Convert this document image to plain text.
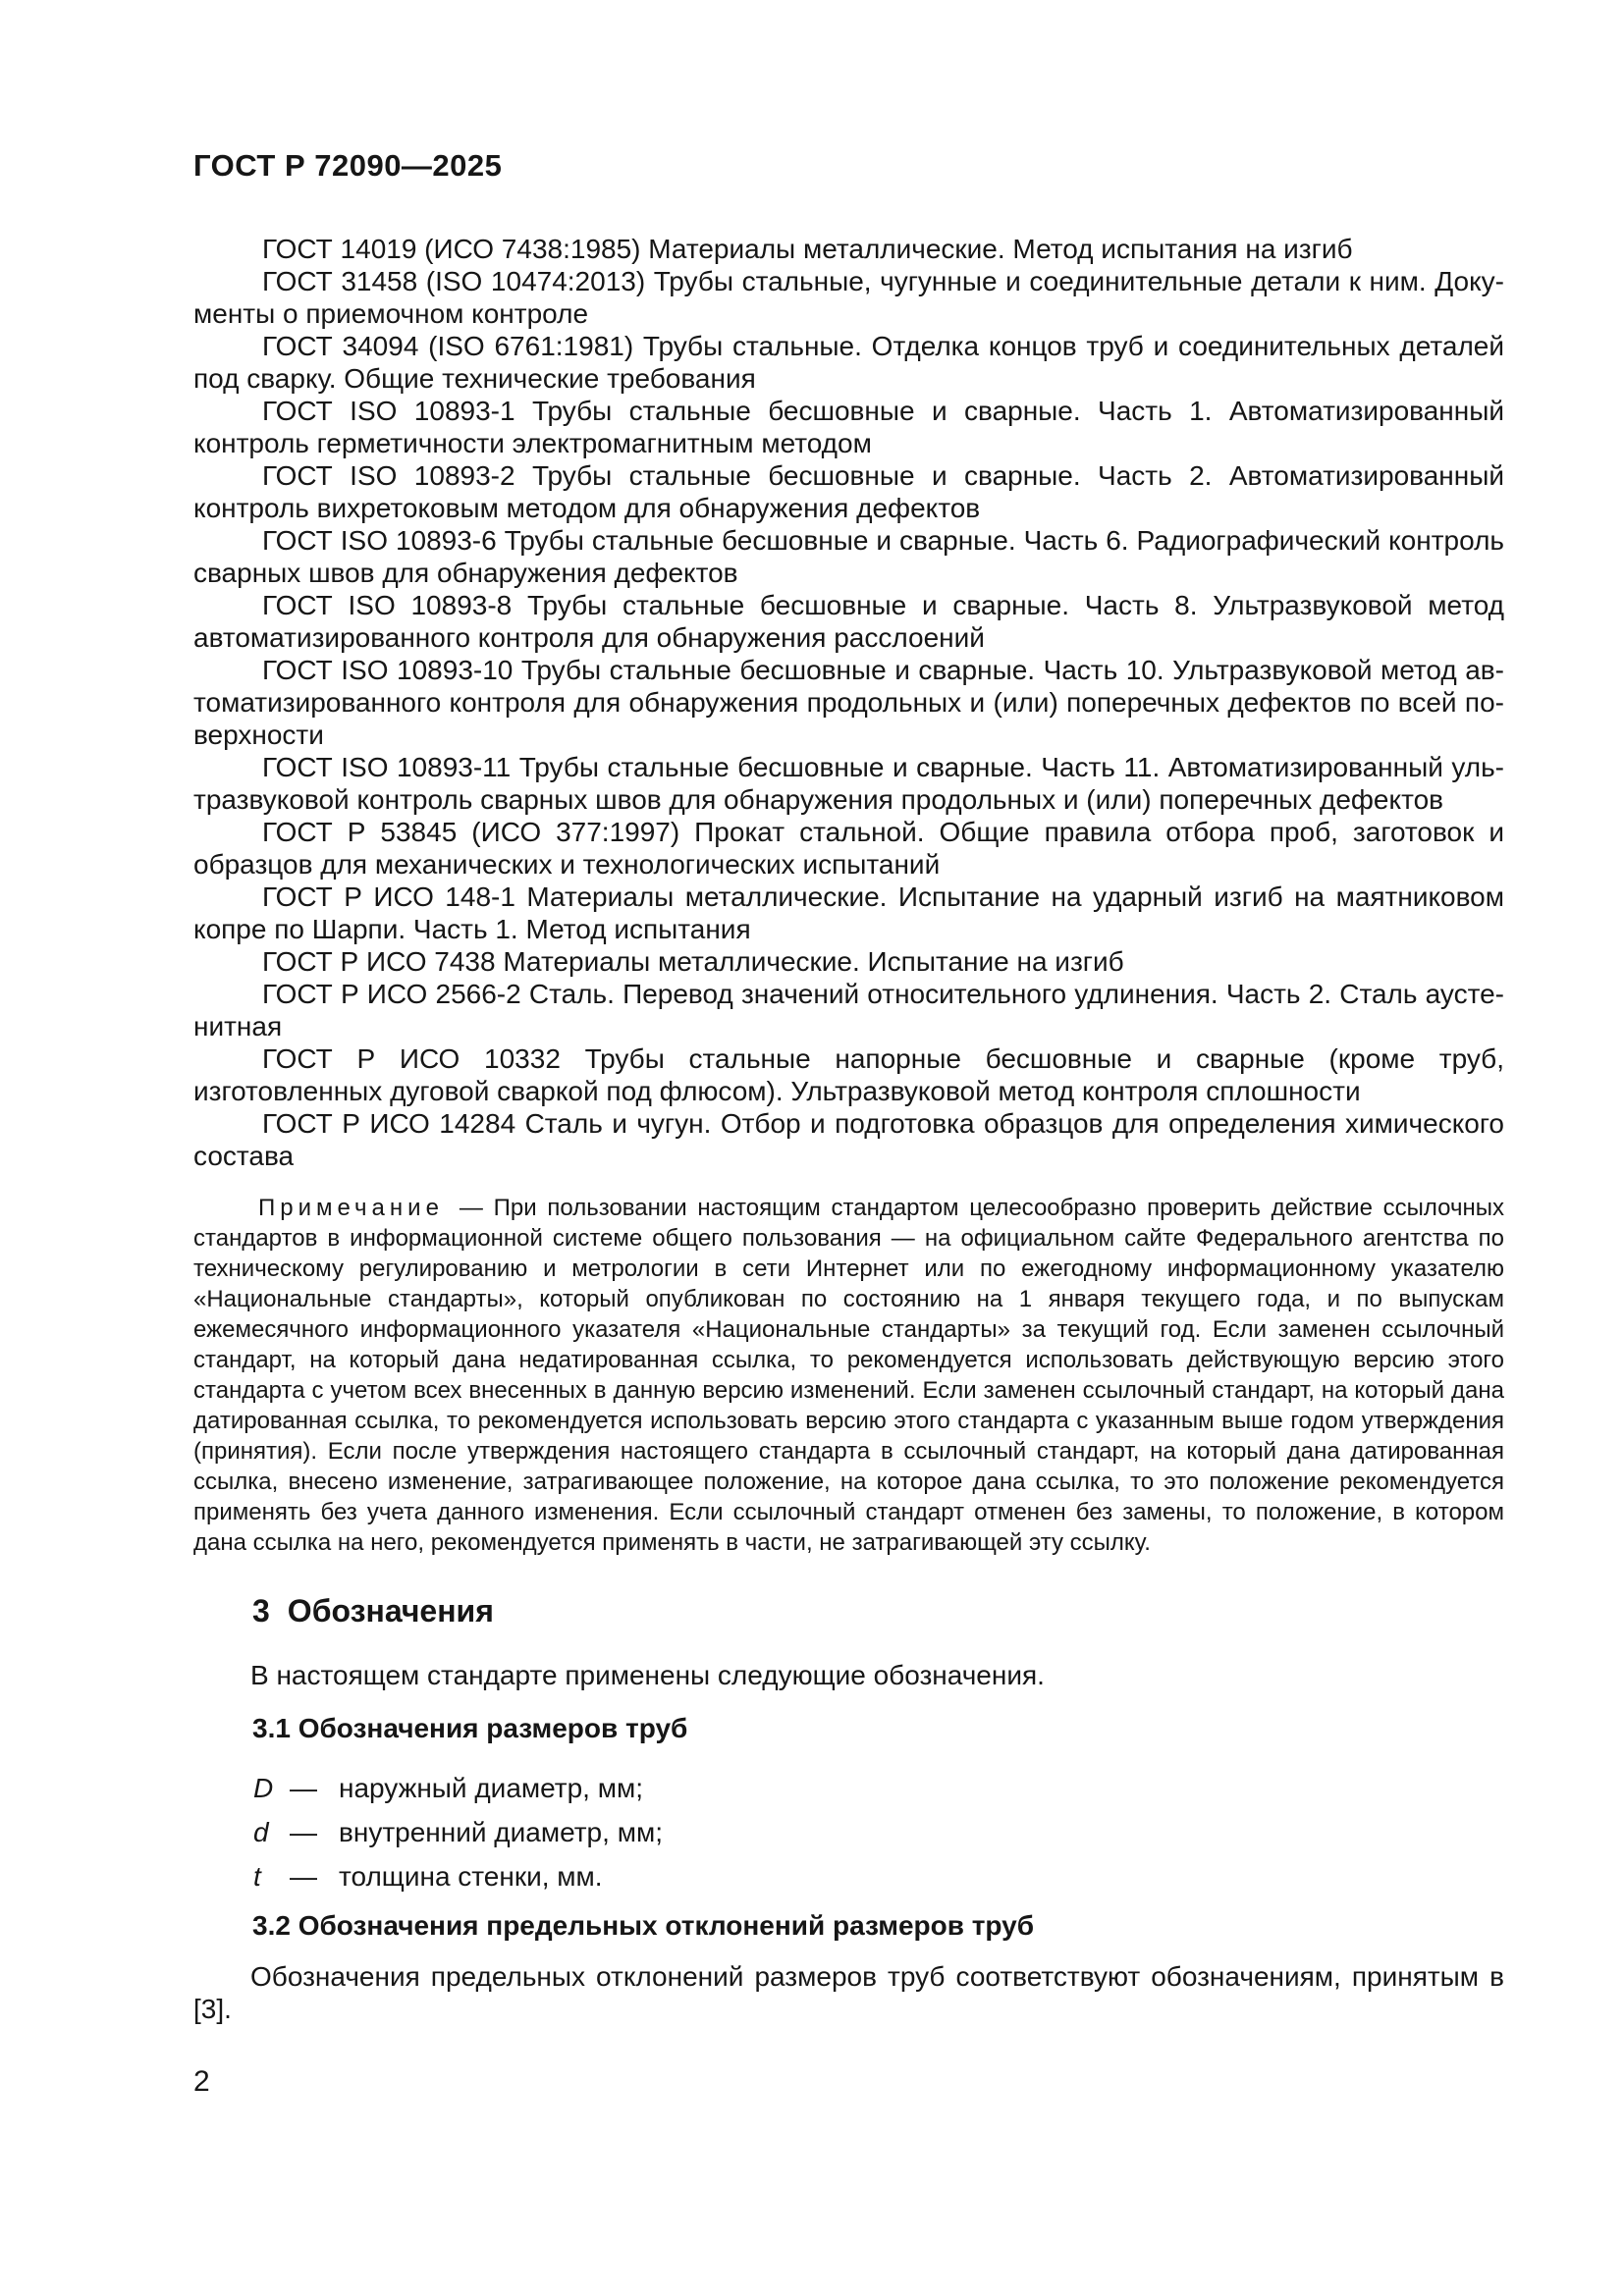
ГОСТ Р 72090—2025

ГОСТ 14019 (ИСО 7438:1985) Материалы металлические. Метод испытания на изгиб

ГОСТ 31458 (ISO 10474:2013) Трубы стальные, чугунные и соединительные детали к ним. Документы о приемочном контроле

ГОСТ 34094 (ISO 6761:1981) Трубы стальные. Отделка концов труб и соединительных деталей под сварку. Общие технические требования

ГОСТ ISO 10893-1 Трубы стальные бесшовные и сварные. Часть 1. Автоматизированный контроль герметичности электромагнитным методом

ГОСТ ISO 10893-2 Трубы стальные бесшовные и сварные. Часть 2. Автоматизированный контроль вихретоковым методом для обнаружения дефектов

ГОСТ ISO 10893-6 Трубы стальные бесшовные и сварные. Часть 6. Радиографический контроль сварных швов для обнаружения дефектов

ГОСТ ISO 10893-8 Трубы стальные бесшовные и сварные. Часть 8. Ультразвуковой метод автоматизированного контроля для обнаружения расслоений

ГОСТ ISO 10893-10 Трубы стальные бесшовные и сварные. Часть 10. Ультразвуковой метод автоматизированного контроля для обнаружения продольных и (или) поперечных дефектов по всей поверхности

ГОСТ ISO 10893-11 Трубы стальные бесшовные и сварные. Часть 11. Автоматизированный ультразвуковой контроль сварных швов для обнаружения продольных и (или) поперечных дефектов

ГОСТ Р 53845 (ИСО 377:1997) Прокат стальной. Общие правила отбора проб, заготовок и образцов для механических и технологических испытаний

ГОСТ Р ИСО 148-1 Материалы металлические. Испытание на ударный изгиб на маятниковом копре по Шарпи. Часть 1. Метод испытания

ГОСТ Р ИСО 7438 Материалы металлические. Испытание на изгиб

ГОСТ Р ИСО 2566-2 Сталь. Перевод значений относительного удлинения. Часть 2. Сталь аустенитная

ГОСТ Р ИСО 10332 Трубы стальные напорные бесшовные и сварные (кроме труб, изготовленных дуговой сваркой под флюсом). Ультразвуковой метод контроля сплошности

ГОСТ Р ИСО 14284 Сталь и чугун. Отбор и подготовка образцов для определения химического состава

Примечание — При пользовании настоящим стандартом целесообразно проверить действие ссылочных стандартов в информационной системе общего пользования — на официальном сайте Федерального агентства по техническому регулированию и метрологии в сети Интернет или по ежегодному информационному указателю «Национальные стандарты», который опубликован по состоянию на 1 января текущего года, и по выпускам ежемесячного информационного указателя «Национальные стандарты» за текущий год. Если заменен ссылочный стандарт, на который дана недатированная ссылка, то рекомендуется использовать действующую версию этого стандарта с учетом всех внесенных в данную версию изменений. Если заменен ссылочный стандарт, на который дана датированная ссылка, то рекомендуется использовать версию этого стандарта с указанным выше годом утверждения (принятия). Если после утверждения настоящего стандарта в ссылочный стандарт, на который дана датированная ссылка, внесено изменение, затрагивающее положение, на которое дана ссылка, то это положение рекомендуется применять без учета данного изменения. Если ссылочный стандарт отменен без замены, то положение, в котором дана ссылка на него, рекомендуется применять в части, не затрагивающей эту ссылку.

3 Обозначения

В настоящем стандарте применены следующие обозначения.

3.1 Обозначения размеров труб
D — наружный диаметр, мм;
d — внутренний диаметр, мм;
t	— толщина стенки, мм.
3.2 Обозначения предельных отклонений размеров труб

Обозначения предельных отклонений размеров труб соответствуют обозначениям, принятым в [3].

2
